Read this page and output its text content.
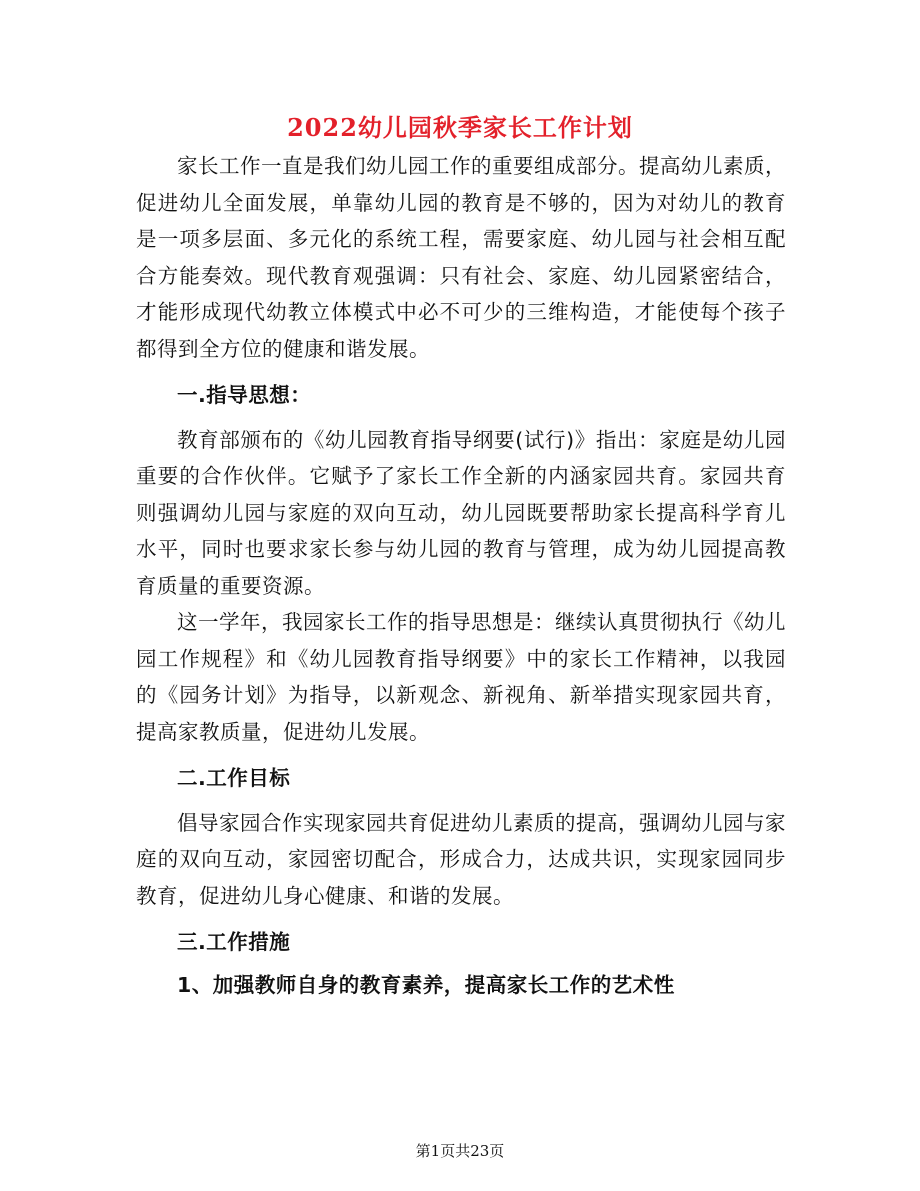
2022幼儿园秋季家长工作计划

家长工作一直是我们幼儿园工作的重要组成部分。提高幼儿素质，促进幼儿全面发展，单靠幼儿园的教育是不够的，因为对幼儿的教育是一项多层面、多元化的系统工程，需要家庭、幼儿园与社会相互配合方能奏效。现代教育观强调：只有社会、家庭、幼儿园紧密结合，才能形成现代幼教立体模式中必不可少的三维构造，才能使每个孩子都得到全方位的健康和谐发展。

一.指导思想：

教育部颁布的《幼儿园教育指导纲要(试行)》指出：家庭是幼儿园重要的合作伙伴。它赋予了家长工作全新的内涵家园共育。家园共育则强调幼儿园与家庭的双向互动，幼儿园既要帮助家长提高科学育儿水平，同时也要求家长参与幼儿园的教育与管理，成为幼儿园提高教育质量的重要资源。

这一学年，我园家长工作的指导思想是：继续认真贯彻执行《幼儿园工作规程》和《幼儿园教育指导纲要》中的家长工作精神，以我园的《园务计划》为指导，以新观念、新视角、新举措实现家园共育，提高家教质量，促进幼儿发展。

二.工作目标

倡导家园合作实现家园共育促进幼儿素质的提高，强调幼儿园与家庭的双向互动，家园密切配合，形成合力，达成共识，实现家园同步教育，促进幼儿身心健康、和谐的发展。

三.工作措施

1、加强教师自身的教育素养，提高家长工作的艺术性

第1页共23页
